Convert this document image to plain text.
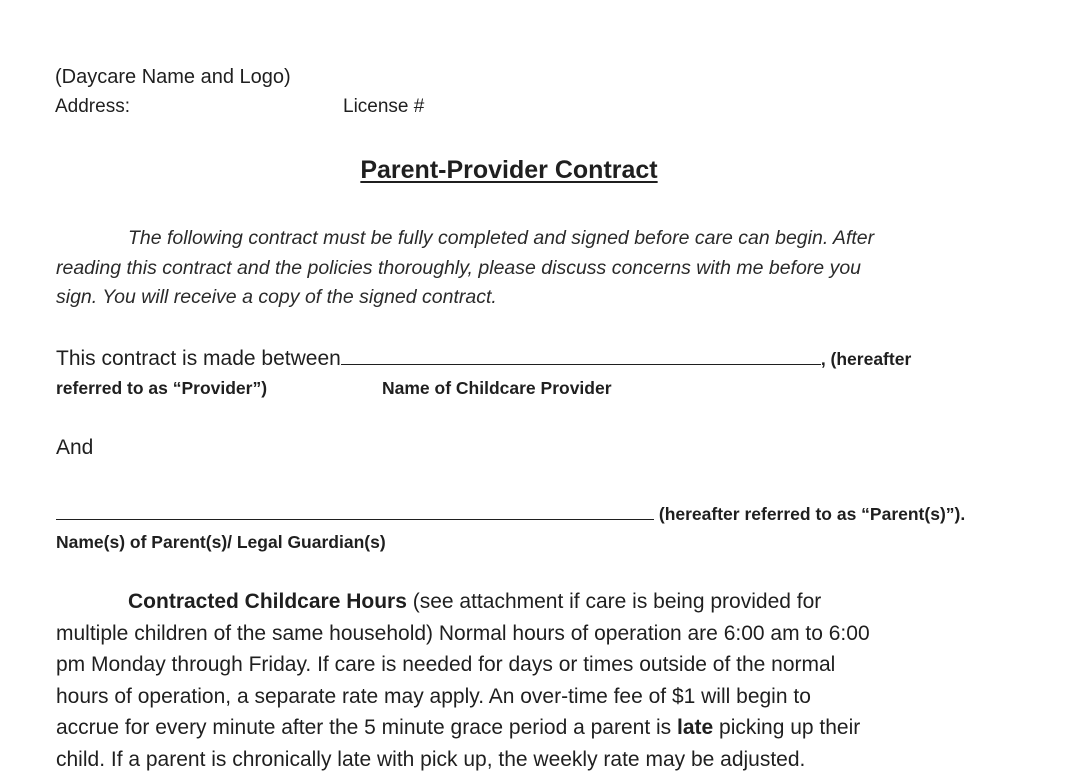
(Daycare Name and Logo)
Address:	License #
Parent-Provider Contract
The following contract must be fully completed and signed before care can begin. After
reading this contract and the policies thoroughly, please discuss concerns with me before you
sign. You will receive a copy of the signed contract.
This contract is made between	, (hereafter
referred to as “Provider”)	Name of Childcare Provider
And
(hereafter referred to as “Parent(s)”).
Name(s) of Parent(s)/ Legal Guardian(s)
Contracted Childcare Hours (see attachment if care is being provided for
multiple children of the same household) Normal hours of operation are 6:00 am to 6:00
pm Monday through Friday. If care is needed for days or times outside of the normal
hours of operation, a separate rate may apply. An over-time fee of $1 will begin to
accrue for every minute after the 5 minute grace period a parent is late picking up their
child. If a parent is chronically late with pick up, the weekly rate may be adjusted.
